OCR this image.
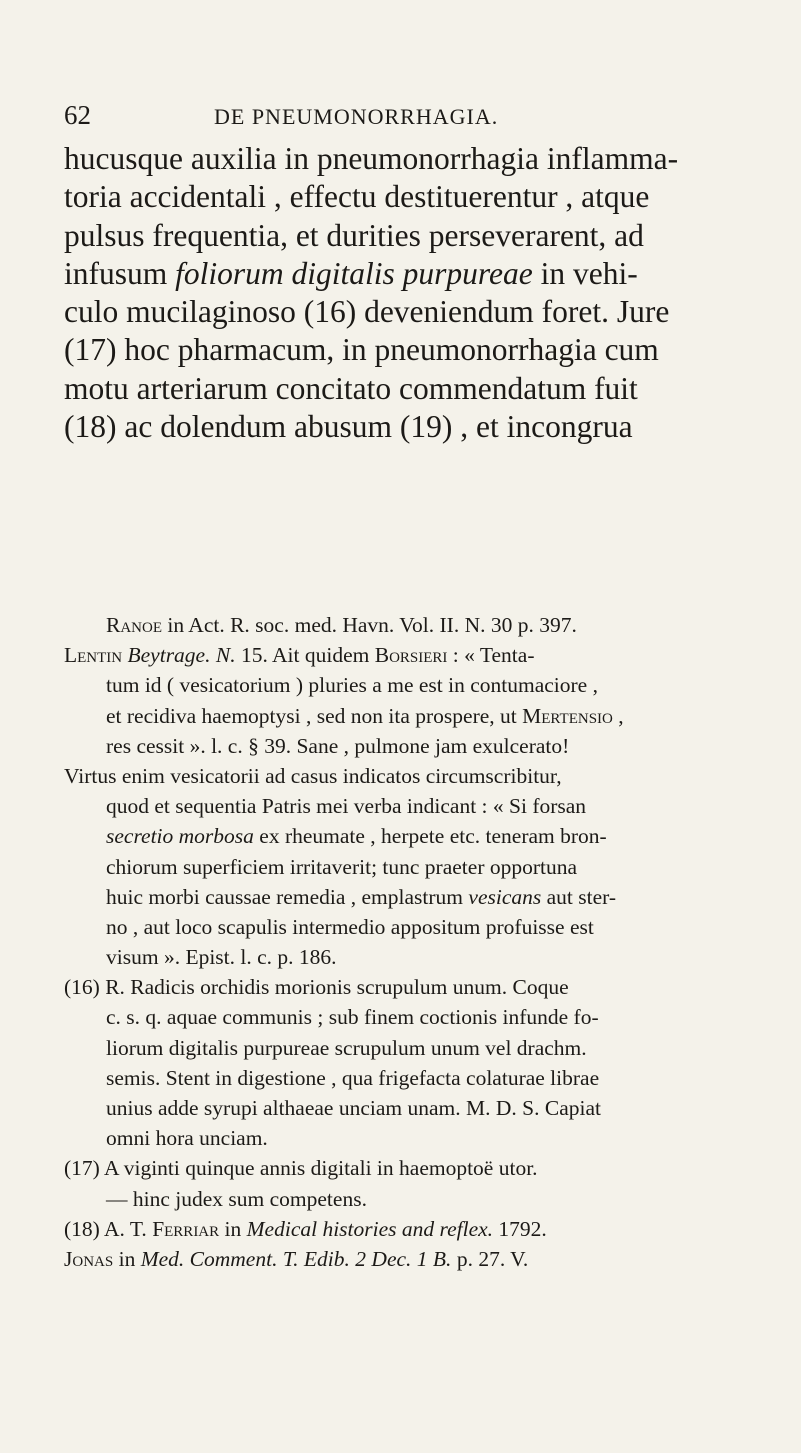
62	DE PNEUMONORRHAGIA.
hucusque auxilia in pneumonorrhagia inflamma-
toria accidentali , effectu destituerentur , atque
pulsus frequentia, et durities perseverarent, ad
infusum foliorum digitalis purpureae in vehi-
culo mucilaginoso (16) deveniendum foret. Jure
(17) hoc pharmacum, in pneumonorrhagia cum
motu arteriarum concitato commendatum fuit
(18) ac dolendum abusum (19) , et incongrua
Ranoe in Act. R. soc. med. Havn. Vol. II. N. 30 p. 397.
Lentin Beytrage. N. 15. Ait quidem Borsieri : « Tenta-
tum id ( vesicatorium ) pluries a me est in contumaciore ,
et recidiva haemoptysi , sed non ita prospere, ut Mertensio ,
res cessit ». l. c. § 39. Sane , pulmone jam exulcerato!
Virtus enim vesicatorii ad casus indicatos circumscribitur,
quod et sequentia Patris mei verba indicant : « Si forsan
secretio morbosa ex rheumate , herpete etc. teneram bron-
chiorum superficiem irritaverit; tunc praeter opportuna
huic morbi caussae remedia , emplastrum vesicans aut ster-
no , aut loco scapulis intermedio appositum profuisse est
visum ». Epist. l. c. p. 186.
(16) R. Radicis orchidis morionis scrupulum unum. Coque
c. s. q. aquae communis ; sub finem coctionis infunde fo-
liorum digitalis purpureae scrupulum unum vel drachm.
semis. Stent in digestione , qua frigefacta colaturae librae
unius adde syrupi althaeae unciam unam. M. D. S. Capiat
omni hora unciam.
(17) A viginti quinque annis digitali in haemoptoë utor.
— hinc judex sum competens.
(18) A. T. Ferriar in Medical histories and reflex. 1792.
Jonas in Med. Comment. T. Edib. 2 Dec. 1 B. p. 27. V.
